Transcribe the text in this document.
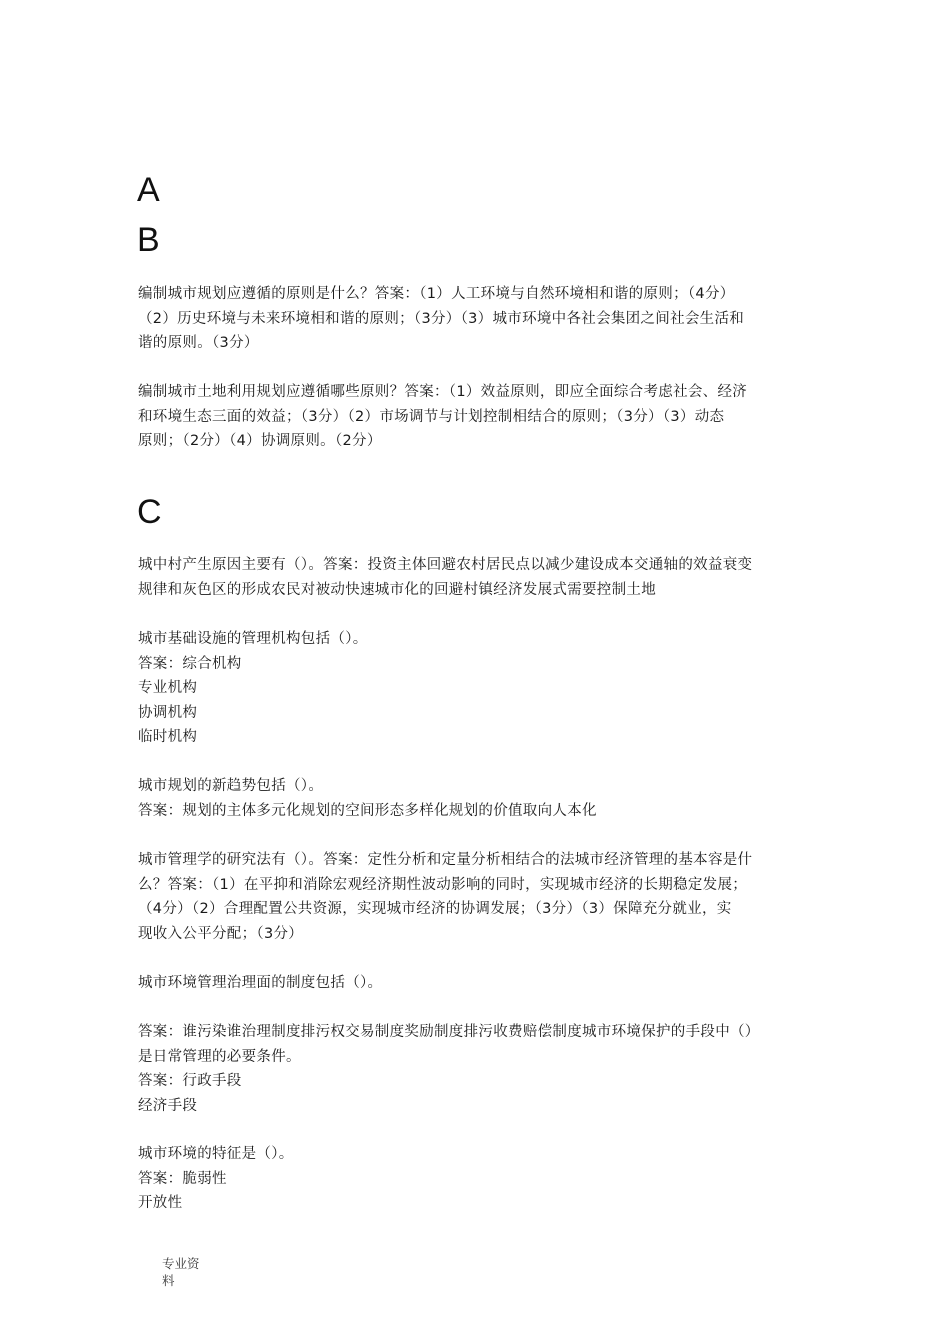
A
B

编制城市规划应遵循的原则是什么？答案：（1）人工环境与自然环境相和谐的原则；（4分）
（2）历史环境与未来环境相和谐的原则；（3分）（3）城市环境中各社会集团之间社会生活和
谐的原则。（3分）

编制城市土地利用规划应遵循哪些原则？答案：（1）效益原则，即应全面综合考虑社会、经济
和环境生态三面的效益；（3分）（2）市场调节与计划控制相结合的原则；（3分）（3）动态
原则；（2分）（4）协调原则。（2分）

C

城中村产生原因主要有（）。答案：投资主体回避农村居民点以减少建设成本交通轴的效益衰变
规律和灰色区的形成农民对被动快速城市化的回避村镇经济发展式需要控制土地

城市基础设施的管理机构包括（）。
答案：综合机构
专业机构
协调机构
临时机构

城市规划的新趋势包括（）。
答案：规划的主体多元化规划的空间形态多样化规划的价值取向人本化

城市管理学的研究法有（）。答案：定性分析和定量分析相结合的法城市经济管理的基本容是什
么？答案：（1）在平抑和消除宏观经济期性波动影响的同时，实现城市经济的长期稳定发展；
（4分）（2）合理配置公共资源，实现城市经济的协调发展；（3分）（3）保障充分就业，实
现收入公平分配；（3分）

城市环境管理治理面的制度包括（）。

答案：谁污染谁治理制度排污权交易制度奖励制度排污收费赔偿制度城市环境保护的手段中（）
是日常管理的必要条件。
答案：行政手段
经济手段

城市环境的特征是（）。
答案：脆弱性
开放性

专业资料
